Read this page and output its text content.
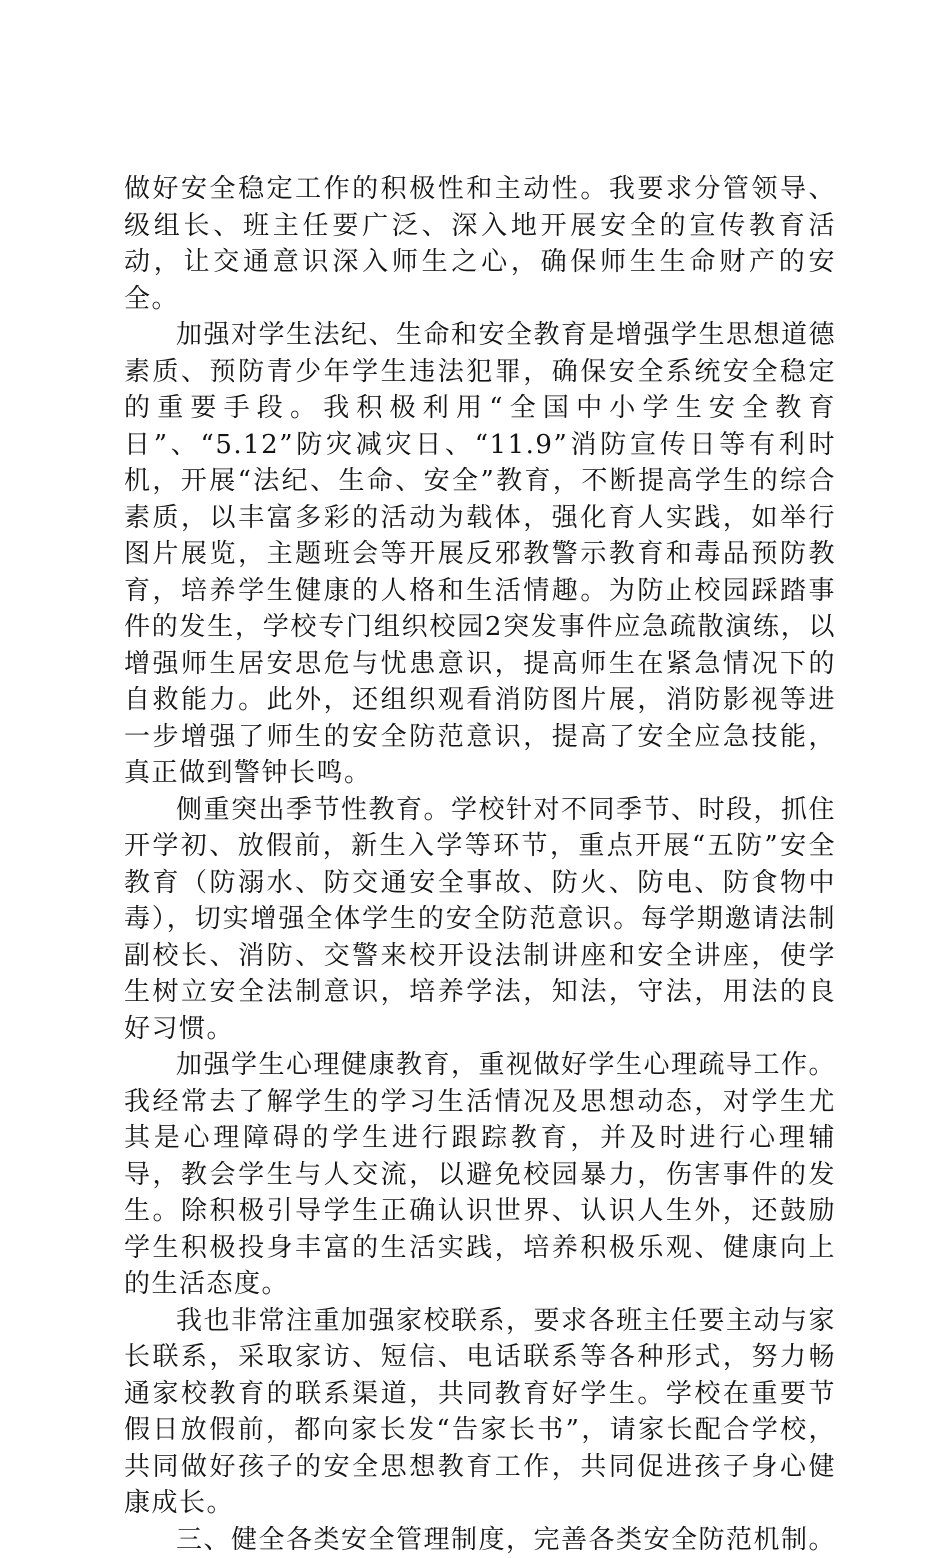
做好安全稳定工作的积极性和主动性。我要求分管领导、级组长、班主任要广泛、深入地开展安全的宣传教育活动，让交通意识深入师生之心，确保师生生命财产的安全。

加强对学生法纪、生命和安全教育是增强学生思想道德素质、预防青少年学生违法犯罪，确保安全系统安全稳定的重要手段。我积极利用“全国中小学生安全教育日”、“5.12”防灾减灾日、“11.9”消防宣传日等有利时机，开展“法纪、生命、安全”教育，不断提高学生的综合素质，以丰富多彩的活动为载体，强化育人实践，如举行图片展览，主题班会等开展反邪教警示教育和毒品预防教育，培养学生健康的人格和生活情趣。为防止校园踩踏事件的发生，学校专门组织校园2突发事件应急疏散演练，以增强师生居安思危与忧患意识，提高师生在紧急情况下的自救能力。此外，还组织观看消防图片展，消防影视等进一步增强了师生的安全防范意识，提高了安全应急技能，真正做到警钟长鸣。

侧重突出季节性教育。学校针对不同季节、时段，抓住开学初、放假前，新生入学等环节，重点开展“五防”安全教育（防溺水、防交通安全事故、防火、防电、防食物中毒），切实增强全体学生的安全防范意识。每学期邀请法制副校长、消防、交警来校开设法制讲座和安全讲座，使学生树立安全法制意识，培养学法，知法，守法，用法的良好习惯。

加强学生心理健康教育，重视做好学生心理疏导工作。我经常去了解学生的学习生活情况及思想动态，对学生尤其是心理障碍的学生进行跟踪教育，并及时进行心理辅导，教会学生与人交流，以避免校园暴力，伤害事件的发生。除积极引导学生正确认识世界、认识人生外，还鼓励学生积极投身丰富的生活实践，培养积极乐观、健康向上的生活态度。

我也非常注重加强家校联系，要求各班主任要主动与家长联系，采取家访、短信、电话联系等各种形式，努力畅通家校教育的联系渠道，共同教育好学生。学校在重要节假日放假前，都向家长发“告家长书”，请家长配合学校，共同做好孩子的安全思想教育工作，共同促进孩子身心健康成长。

三、健全各类安全管理制度，完善各类安全防范机制。
